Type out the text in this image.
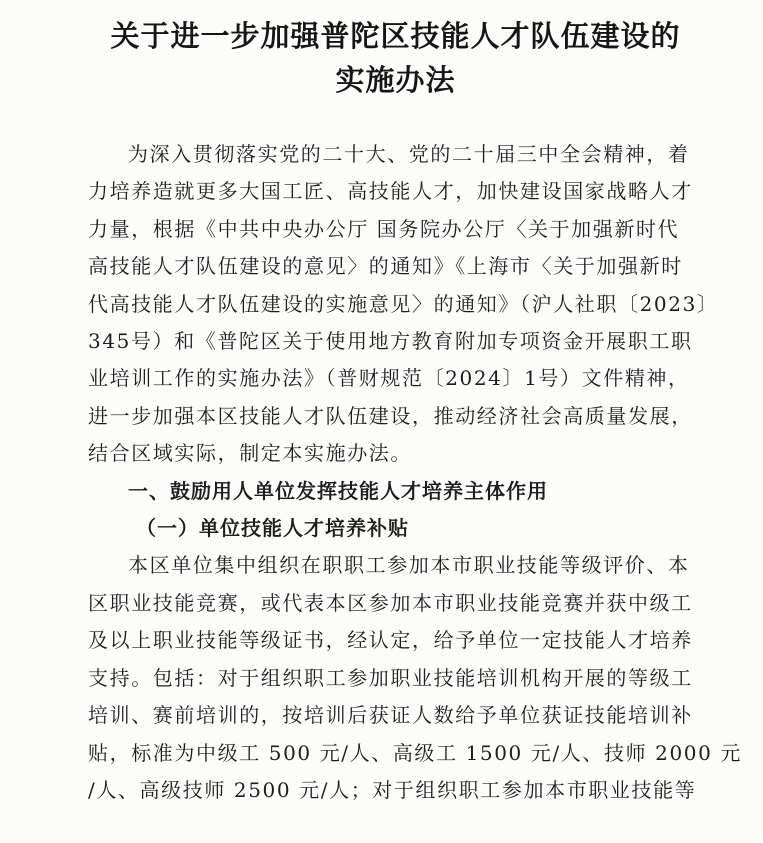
关于进一步加强普陀区技能人才队伍建设的
实施办法

为深入贯彻落实党的二十大、党的二十届三中全会精神，着
力培养造就更多大国工匠、高技能人才，加快建设国家战略人才
力量，根据《中共中央办公厅 国务院办公厅〈关于加强新时代
高技能人才队伍建设的意见〉的通知》《上海市〈关于加强新时
代高技能人才队伍建设的实施意见〉的通知》（沪人社职〔2023〕
345号）和《普陀区关于使用地方教育附加专项资金开展职工职
业培训工作的实施办法》（普财规范〔2024〕1号）文件精神，
进一步加强本区技能人才队伍建设，推动经济社会高质量发展，
结合区域实际，制定本实施办法。

一、鼓励用人单位发挥技能人才培养主体作用

（一）单位技能人才培养补贴

本区单位集中组织在职职工参加本市职业技能等级评价、本
区职业技能竞赛，或代表本区参加本市职业技能竞赛并获中级工
及以上职业技能等级证书，经认定，给予单位一定技能人才培养
支持。包括：对于组织职工参加职业技能培训机构开展的等级工
培训、赛前培训的，按培训后获证人数给予单位获证技能培训补
贴，标准为中级工 500 元/人、高级工 1500 元/人、技师 2000 元
/人、高级技师 2500 元/人；对于组织职工参加本市职业技能等
